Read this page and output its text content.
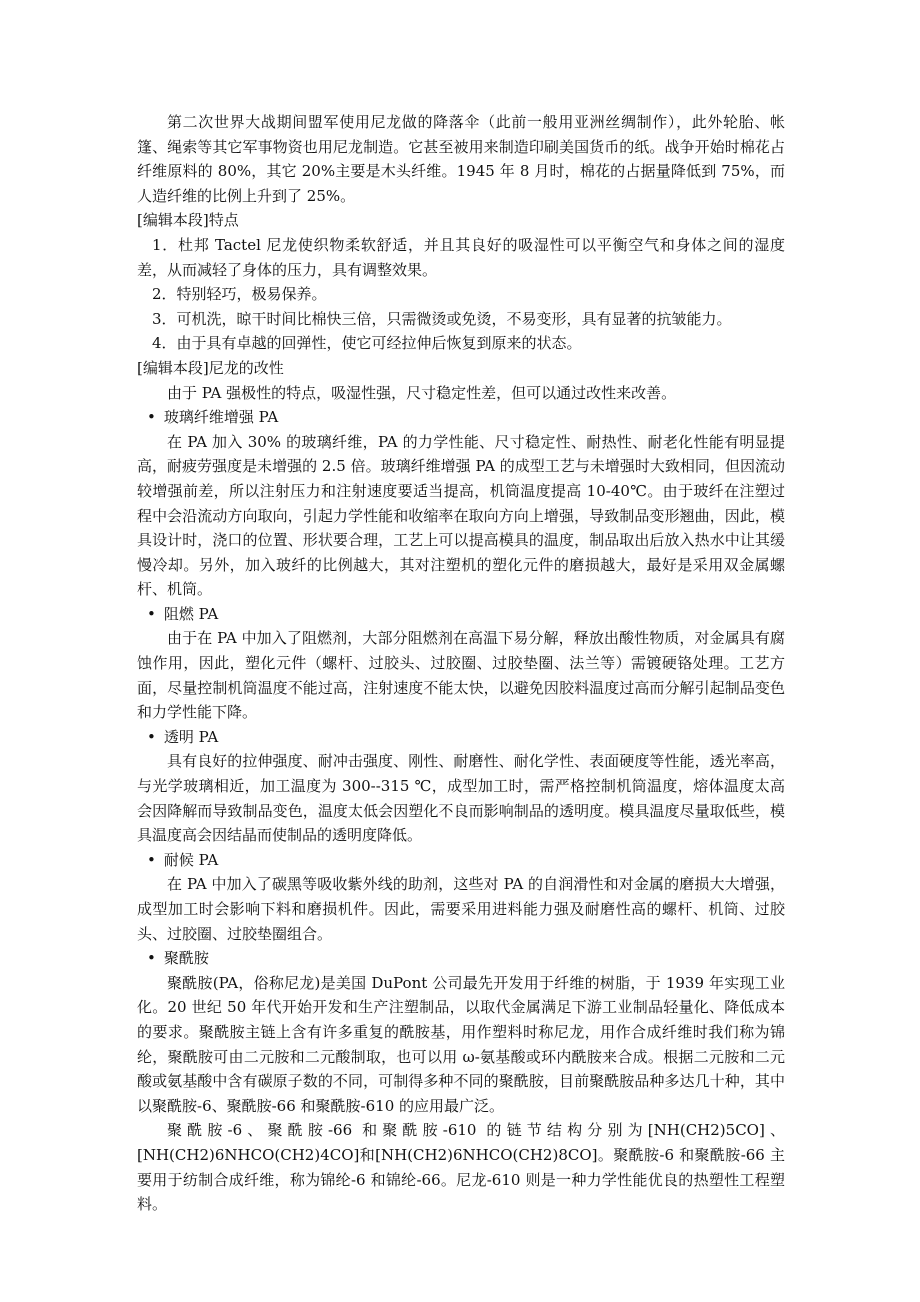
第二次世界大战期间盟军使用尼龙做的降落伞（此前一般用亚洲丝绸制作），此外轮胎、帐篷、绳索等其它军事物资也用尼龙制造。它甚至被用来制造印刷美国货币的纸。战争开始时棉花占纤维原料的 80%，其它 20%主要是木头纤维。1945 年 8 月时，棉花的占据量降低到 75%，而人造纤维的比例上升到了 25%。

[编辑本段]特点

1．杜邦 Tactel 尼龙使织物柔软舒适，并且其良好的吸湿性可以平衡空气和身体之间的湿度差，从而减轻了身体的压力，具有调整效果。

2．特别轻巧，极易保养。

3．可机洗，晾干时间比棉快三倍，只需微烫或免烫，不易变形，具有显著的抗皱能力。

4．由于具有卓越的回弹性，使它可经拉伸后恢复到原来的状态。

[编辑本段]尼龙的改性

由于 PA 强极性的特点，吸湿性强，尺寸稳定性差，但可以通过改性来改善。

• 玻璃纤维增强 PA

在 PA 加入 30% 的玻璃纤维，PA 的力学性能、尺寸稳定性、耐热性、耐老化性能有明显提高，耐疲劳强度是未增强的 2.5 倍。玻璃纤维增强 PA 的成型工艺与未增强时大致相同，但因流动较增强前差，所以注射压力和注射速度要适当提高，机筒温度提高 10-40℃。由于玻纤在注塑过程中会沿流动方向取向，引起力学性能和收缩率在取向方向上增强，导致制品变形翘曲，因此，模具设计时，浇口的位置、形状要合理，工艺上可以提高模具的温度，制品取出后放入热水中让其缓慢冷却。另外，加入玻纤的比例越大，其对注塑机的塑化元件的磨损越大，最好是采用双金属螺杆、机筒。

• 阻燃 PA

由于在 PA 中加入了阻燃剂，大部分阻燃剂在高温下易分解，释放出酸性物质，对金属具有腐蚀作用，因此，塑化元件（螺杆、过胶头、过胶圈、过胶垫圈、法兰等）需镀硬铬处理。工艺方面，尽量控制机筒温度不能过高，注射速度不能太快，以避免因胶料温度过高而分解引起制品变色和力学性能下降。

• 透明 PA

具有良好的拉伸强度、耐冲击强度、刚性、耐磨性、耐化学性、表面硬度等性能，透光率高，与光学玻璃相近，加工温度为 300--315 ℃，成型加工时，需严格控制机筒温度，熔体温度太高会因降解而导致制品变色，温度太低会因塑化不良而影响制品的透明度。模具温度尽量取低些，模具温度高会因结晶而使制品的透明度降低。

• 耐候 PA

在 PA 中加入了碳黑等吸收紫外线的助剂，这些对 PA 的自润滑性和对金属的磨损大大增强，成型加工时会影响下料和磨损机件。因此，需要采用进料能力强及耐磨性高的螺杆、机筒、过胶头、过胶圈、过胶垫圈组合。

• 聚酰胺

聚酰胺(PA，俗称尼龙)是美国 DuPont 公司最先开发用于纤维的树脂，于 1939 年实现工业化。20 世纪 50 年代开始开发和生产注塑制品，以取代金属满足下游工业制品轻量化、降低成本的要求。聚酰胺主链上含有许多重复的酰胺基，用作塑料时称尼龙，用作合成纤维时我们称为锦纶，聚酰胺可由二元胺和二元酸制取，也可以用 ω-氨基酸或环内酰胺来合成。根据二元胺和二元酸或氨基酸中含有碳原子数的不同，可制得多种不同的聚酰胺，目前聚酰胺品种多达几十种，其中以聚酰胺-6、聚酰胺-66 和聚酰胺-610 的应用最广泛。

聚酰胺-6、聚酰胺-66 和聚酰胺-610 的链节结构分别为[NH(CH2)5CO]、[NH(CH2)6NHCO(CH2)4CO]和[NH(CH2)6NHCO(CH2)8CO]。聚酰胺-6 和聚酰胺-66 主要用于纺制合成纤维，称为锦纶-6 和锦纶-66。尼龙-610 则是一种力学性能优良的热塑性工程塑料。
